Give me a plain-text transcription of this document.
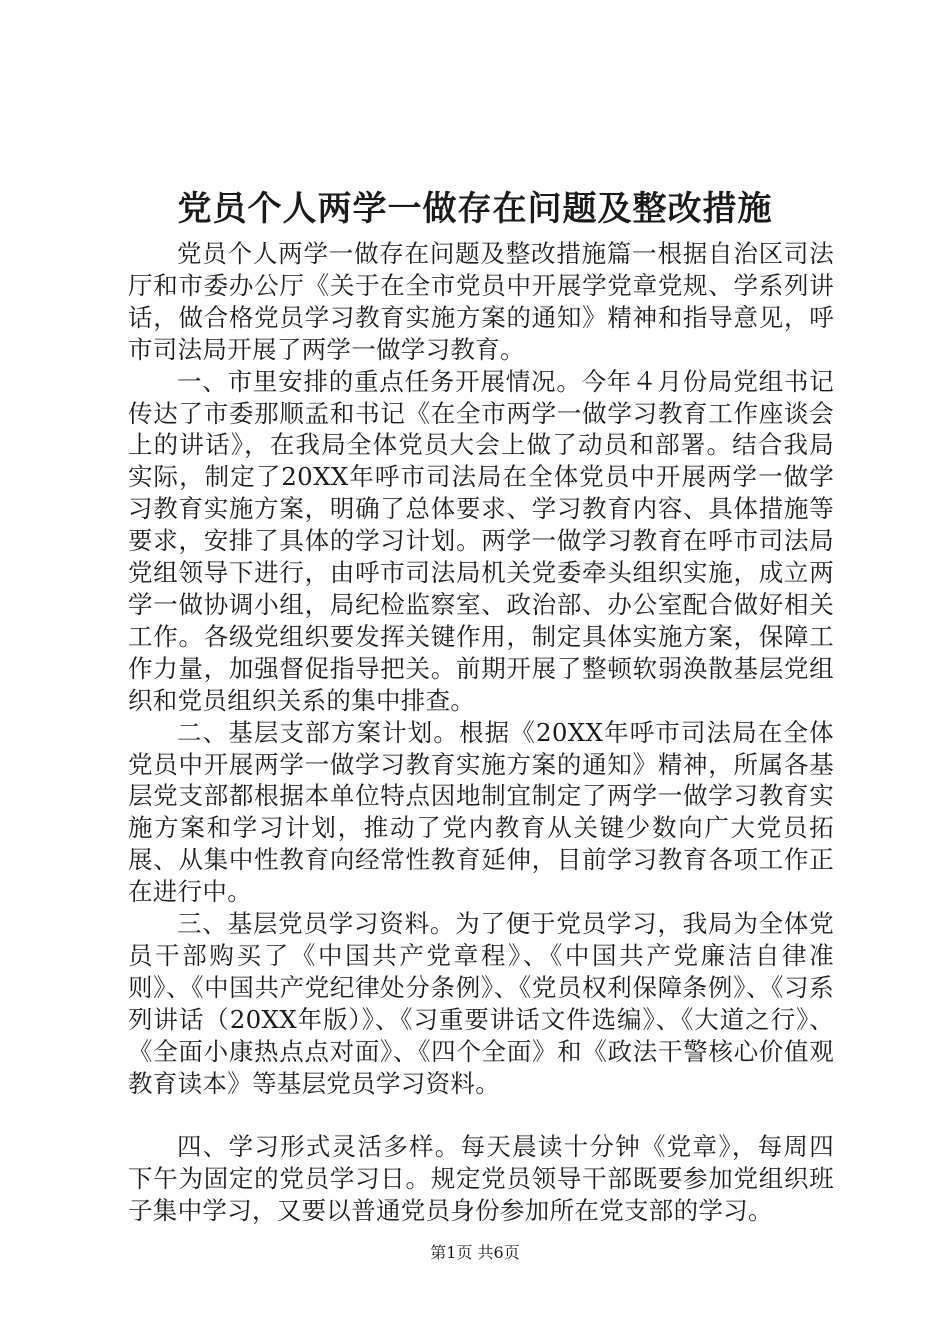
党员个人两学一做存在问题及整改措施

党员个人两学一做存在问题及整改措施篇一根据自治区司法厅和市委办公厅《关于在全市党员中开展学党章党规、学系列讲话，做合格党员学习教育实施方案的通知》精神和指导意见，呼市司法局开展了两学一做学习教育。

一、市里安排的重点任务开展情况。今年４月份局党组书记传达了市委那顺孟和书记《在全市两学一做学习教育工作座谈会上的讲话》，在我局全体党员大会上做了动员和部署。结合我局实际，制定了20XX年呼市司法局在全体党员中开展两学一做学习教育实施方案，明确了总体要求、学习教育内容、具体措施等要求，安排了具体的学习计划。两学一做学习教育在呼市司法局党组领导下进行，由呼市司法局机关党委牵头组织实施，成立两学一做协调小组，局纪检监察室、政治部、办公室配合做好相关工作。各级党组织要发挥关键作用，制定具体实施方案，保障工作力量，加强督促指导把关。前期开展了整顿软弱涣散基层党组织和党员组织关系的集中排查。

二、基层支部方案计划。根据《20XX年呼市司法局在全体党员中开展两学一做学习教育实施方案的通知》精神，所属各基层党支部都根据本单位特点因地制宜制定了两学一做学习教育实施方案和学习计划，推动了党内教育从关键少数向广大党员拓展、从集中性教育向经常性教育延伸，目前学习教育各项工作正在进行中。

三、基层党员学习资料。为了便于党员学习，我局为全体党员干部购买了《中国共产党章程》、《中国共产党廉洁自律准则》、《中国共产党纪律处分条例》、《党员权利保障条例》、《习系列讲话（20XX年版）》、《习重要讲话文件选编》、《大道之行》、《全面小康热点点对面》、《四个全面》和《政法干警核心价值观教育读本》等基层党员学习资料。

四、学习形式灵活多样。每天晨读十分钟《党章》，每周四下午为固定的党员学习日。规定党员领导干部既要参加党组织班子集中学习，又要以普通党员身份参加所在党支部的学习。

第1页 共6页
